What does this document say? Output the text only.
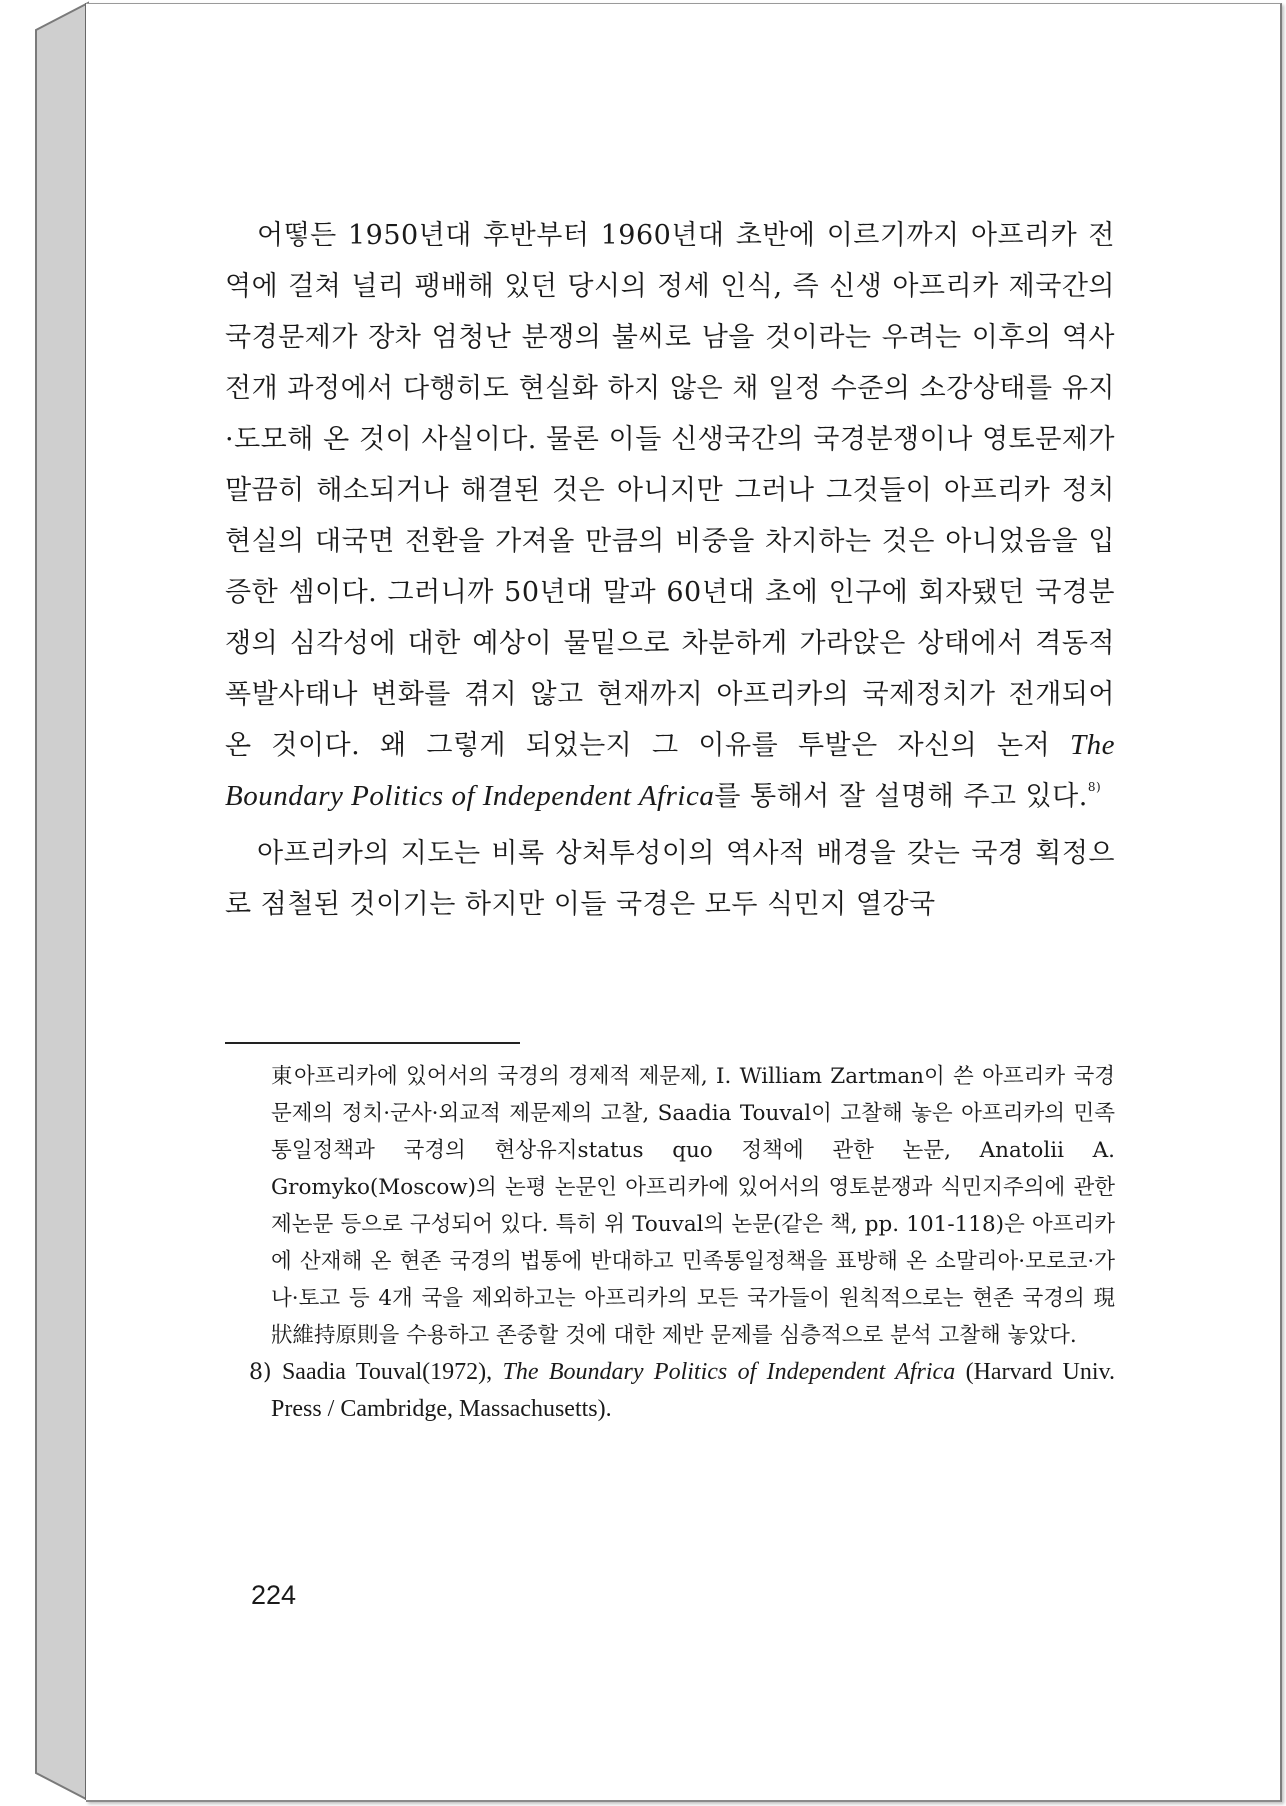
어떻든 1950년대 후반부터 1960년대 초반에 이르기까지 아프리카 전역에 걸쳐 널리 팽배해 있던 당시의 정세 인식, 즉 신생 아프리카 제국간의 국경문제가 장차 엄청난 분쟁의 불씨로 남을 것이라는 우려는 이후의 역사 전개 과정에서 다행히도 현실화 하지 않은 채 일정 수준의 소강상태를 유지·도모해 온 것이 사실이다. 물론 이들 신생국간의 국경분쟁이나 영토문제가 말끔히 해소되거나 해결된 것은 아니지만 그러나 그것들이 아프리카 정치현실의 대국면 전환을 가져올 만큼의 비중을 차지하는 것은 아니었음을 입증한 셈이다. 그러니까 50년대 말과 60년대 초에 인구에 회자됐던 국경분쟁의 심각성에 대한 예상이 물밑으로 차분하게 가라앉은 상태에서 격동적 폭발사태나 변화를 겪지 않고 현재까지 아프리카의 국제정치가 전개되어 온 것이다. 왜 그렇게 되었는지 그 이유를 투발은 자신의 논저 The Boundary Politics of Independent Africa를 통해서 잘 설명해 주고 있다.$^{8)}$

아프리카의 지도는 비록 상처투성이의 역사적 배경을 갖는 국경 획정으로 점철된 것이기는 하지만 이들 국경은 모두 식민지 열강국

東아프리카에 있어서의 국경의 경제적 제문제, I. William Zartman이 쓴 아프리카 국경문제의 정치·군사·외교적 제문제의 고찰, Saadia Touval이 고찰해 놓은 아프리카의 민족통일정책과 국경의 현상유지status quo 정책에 관한 논문, Anatolii A. Gromyko(Moscow)의 논평 논문인 아프리카에 있어서의 영토분쟁과 식민지주의에 관한 제논문 등으로 구성되어 있다. 특히 위 Touval의 논문(같은 책, pp. 101-118)은 아프리카에 산재해 온 현존 국경의 법통에 반대하고 민족통일정책을 표방해 온 소말리아·모로코·가나·토고 등 4개 국을 제외하고는 아프리카의 모든 국가들이 원칙적으로는 현존 국경의 現狀維持原則을 수용하고 존중할 것에 대한 제반 문제를 심층적으로 분석 고찰해 놓았다.

8) Saadia Touval(1972), The Boundary Politics of Independent Africa (Harvard Univ. Press / Cambridge, Massachusetts).

224
